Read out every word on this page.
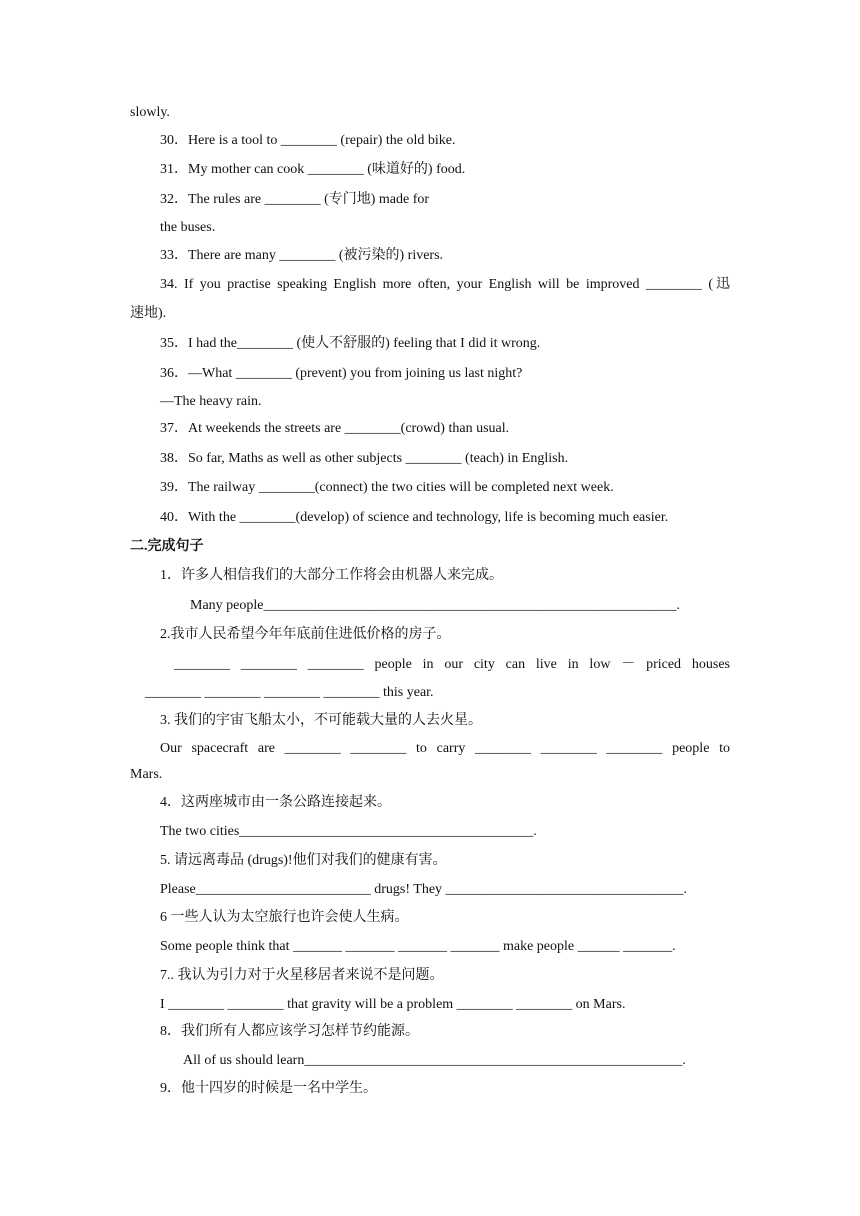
slowly.
30．Here is a tool to ________ (repair) the old bike.
31．My mother can cook ________ (味道好的) food.
32．The rules are ________ (专门地) made for
the buses.
33．There are many ________ (被污染的) rivers.
34. If you practise speaking English more often, your English will be improved ________ (迅
速地).
35．I had the________ (使人不舒服的) feeling that I did it wrong.
36．—What ________ (prevent) you from joining us last night?
—The heavy rain.
37．At weekends the streets are ________(crowd) than usual.
38．So far, Maths as well as other subjects ________ (teach) in English.
39．The railway ________(connect) the two cities will be completed next week.
40．With the ________(develop) of science and technology, life is becoming much easier.
二.完成句子
1．许多人相信我们的大部分工作将会由机器人来完成。
Many people___________________________________________________________.
2.我市人民希望今年年底前住进低价格的房子。
________ ________ ________ people in our city can live in low － priced houses
________ ________ ________ ________ this year.
3. 我们的宇宙飞船太小，不可能载大量的人去火星。
Our spacecraft are ________ ________ to carry ________ ________ ________ people to
Mars.
4．这两座城市由一条公路连接起来。
The two cities__________________________________________.
5. 请远离毒品 (drugs)!他们对我们的健康有害。
Please_________________________ drugs! They __________________________________.
6 一些人认为太空旅行也许会使人生病。
Some people think that _______ _______ _______ _______ make people ______ _______.
7.. 我认为引力对于火星移居者来说不是问题。
I ________ ________ that gravity will be a problem ________ ________ on Mars.
8．我们所有人都应该学习怎样节约能源。
All of us should learn______________________________________________________.
9．他十四岁的时候是一名中学生。
